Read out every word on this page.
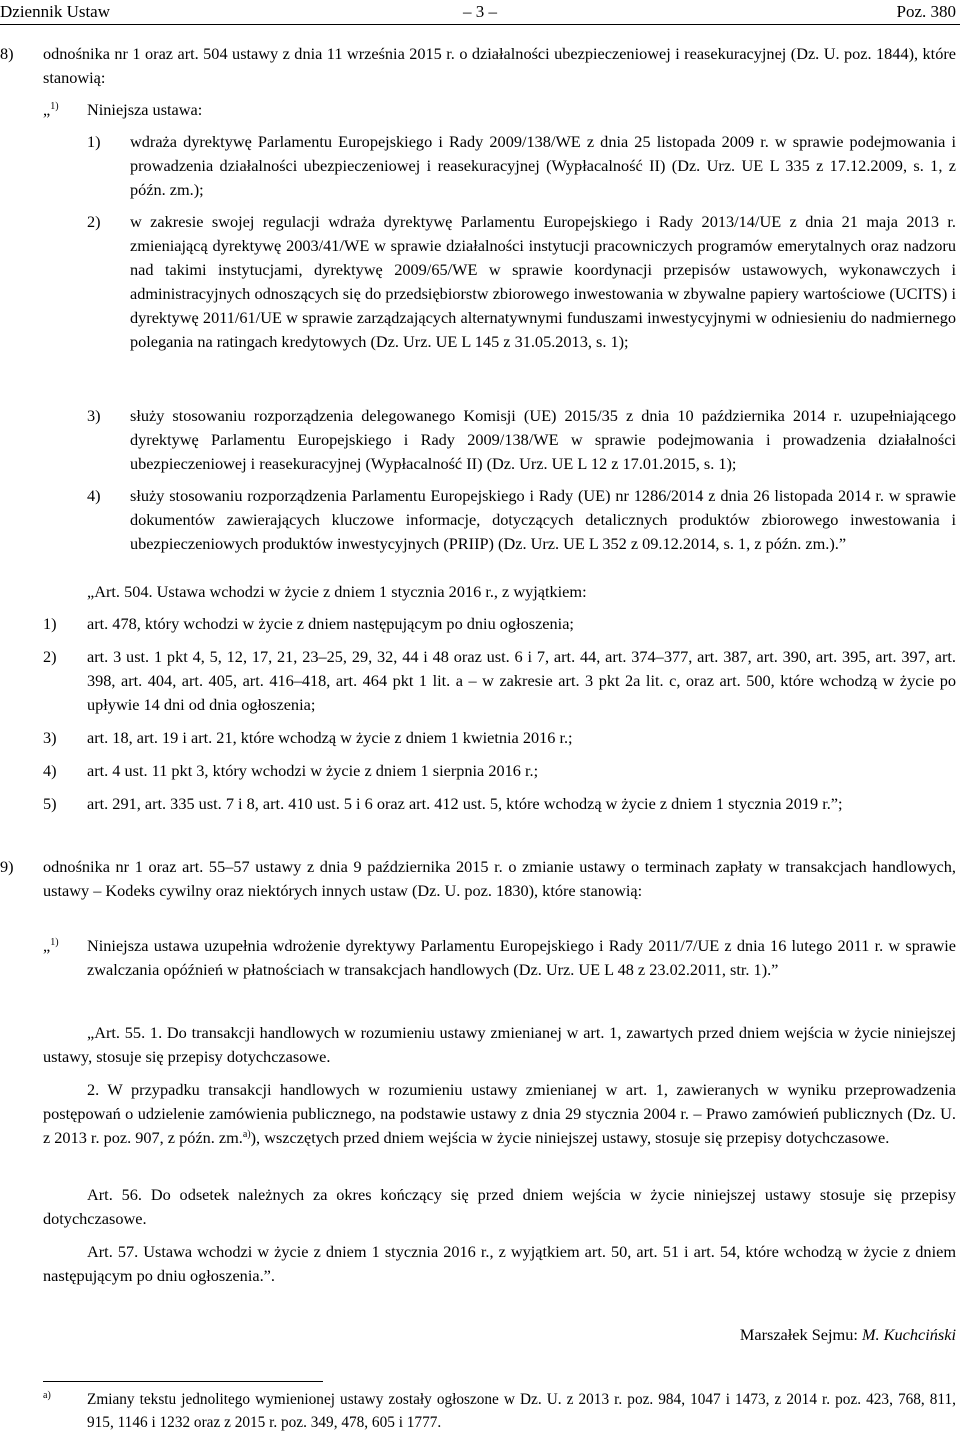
Dziennik Ustaw	– 3 –	Poz. 380
8) odnośnika nr 1 oraz art. 504 ustawy z dnia 11 września 2015 r. o działalności ubezpieczeniowej i reasekuracyjnej (Dz. U. poz. 1844), które stanowią:
„$^{1)}$ Niniejsza ustawa:
1) wdraża dyrektywę Parlamentu Europejskiego i Rady 2009/138/WE z dnia 25 listopada 2009 r. w sprawie podejmowania i prowadzenia działalności ubezpieczeniowej i reasekuracyjnej (Wypłacalność II) (Dz. Urz. UE L 335 z 17.12.2009, s. 1, z późn. zm.);
2) w zakresie swojej regulacji wdraża dyrektywę Parlamentu Europejskiego i Rady 2013/14/UE z dnia 21 maja 2013 r. zmieniającą dyrektywę 2003/41/WE w sprawie działalności instytucji pracowniczych programów emerytalnych oraz nadzoru nad takimi instytucjami, dyrektywę 2009/65/WE w sprawie koordynacji przepisów ustawowych, wykonawczych i administracyjnych odnoszących się do przedsiębiorstw zbiorowego inwestowania w zbywalne papiery wartościowe (UCITS) i dyrektywę 2011/61/UE w sprawie zarządzających alternatywnymi funduszami inwestycyjnymi w odniesieniu do nadmiernego polegania na ratingach kredytowych (Dz. Urz. UE L 145 z 31.05.2013, s. 1);
3) służy stosowaniu rozporządzenia delegowanego Komisji (UE) 2015/35 z dnia 10 października 2014 r. uzupełniającego dyrektywę Parlamentu Europejskiego i Rady 2009/138/WE w sprawie podejmowania i prowadzenia działalności ubezpieczeniowej i reasekuracyjnej (Wypłacalność II) (Dz. Urz. UE L 12 z 17.01.2015, s. 1);
4) służy stosowaniu rozporządzenia Parlamentu Europejskiego i Rady (UE) nr 1286/2014 z dnia 26 listopada 2014 r. w sprawie dokumentów zawierających kluczowe informacje, dotyczących detalicznych produktów zbiorowego inwestowania i ubezpieczeniowych produktów inwestycyjnych (PRIIP) (Dz. Urz. UE L 352 z 09.12.2014, s. 1, z późn. zm.).”
„Art. 504. Ustawa wchodzi w życie z dniem 1 stycznia 2016 r., z wyjątkiem:
1) art. 478, który wchodzi w życie z dniem następującym po dniu ogłoszenia;
2) art. 3 ust. 1 pkt 4, 5, 12, 17, 21, 23–25, 29, 32, 44 i 48 oraz ust. 6 i 7, art. 44, art. 374–377, art. 387, art. 390, art. 395, art. 397, art. 398, art. 404, art. 405, art. 416–418, art. 464 pkt 1 lit. a – w zakresie art. 3 pkt 2a lit. c, oraz art. 500, które wchodzą w życie po upływie 14 dni od dnia ogłoszenia;
3) art. 18, art. 19 i art. 21, które wchodzą w życie z dniem 1 kwietnia 2016 r.;
4) art. 4 ust. 11 pkt 3, który wchodzi w życie z dniem 1 sierpnia 2016 r.;
5) art. 291, art. 335 ust. 7 i 8, art. 410 ust. 5 i 6 oraz art. 412 ust. 5, które wchodzą w życie z dniem 1 stycznia 2019 r.”;
9) odnośnika nr 1 oraz art. 55–57 ustawy z dnia 9 października 2015 r. o zmianie ustawy o terminach zapłaty w transakcjach handlowych, ustawy – Kodeks cywilny oraz niektórych innych ustaw (Dz. U. poz. 1830), które stanowią:
„$^{1)}$ Niniejsza ustawa uzupełnia wdrożenie dyrektywy Parlamentu Europejskiego i Rady 2011/7/UE z dnia 16 lutego 2011 r. w sprawie zwalczania opóźnień w płatnościach w transakcjach handlowych (Dz. Urz. UE L 48 z 23.02.2011, str. 1).”
„Art. 55. 1. Do transakcji handlowych w rozumieniu ustawy zmienianej w art. 1, zawartych przed dniem wejścia w życie niniejszej ustawy, stosuje się przepisy dotychczasowe.
2. W przypadku transakcji handlowych w rozumieniu ustawy zmienianej w art. 1, zawieranych w wyniku przeprowadzenia postępowań o udzielenie zamówienia publicznego, na podstawie ustawy z dnia 29 stycznia 2004 r. – Prawo zamówień publicznych (Dz. U. z 2013 r. poz. 907, z późn. zm.$^{a)}$), wszczętych przed dniem wejścia w życie niniejszej ustawy, stosuje się przepisy dotychczasowe.
Art. 56. Do odsetek należnych za okres kończący się przed dniem wejścia w życie niniejszej ustawy stosuje się przepisy dotychczasowe.
Art. 57. Ustawa wchodzi w życie z dniem 1 stycznia 2016 r., z wyjątkiem art. 50, art. 51 i art. 54, które wchodzą w życie z dniem następującym po dniu ogłoszenia.”.
Marszałek Sejmu: M. Kuchciński
$^{a)}$ Zmiany tekstu jednolitego wymienionej ustawy zostały ogłoszone w Dz. U. z 2013 r. poz. 984, 1047 i 1473, z 2014 r. poz. 423, 768, 811, 915, 1146 i 1232 oraz z 2015 r. poz. 349, 478, 605 i 1777.
